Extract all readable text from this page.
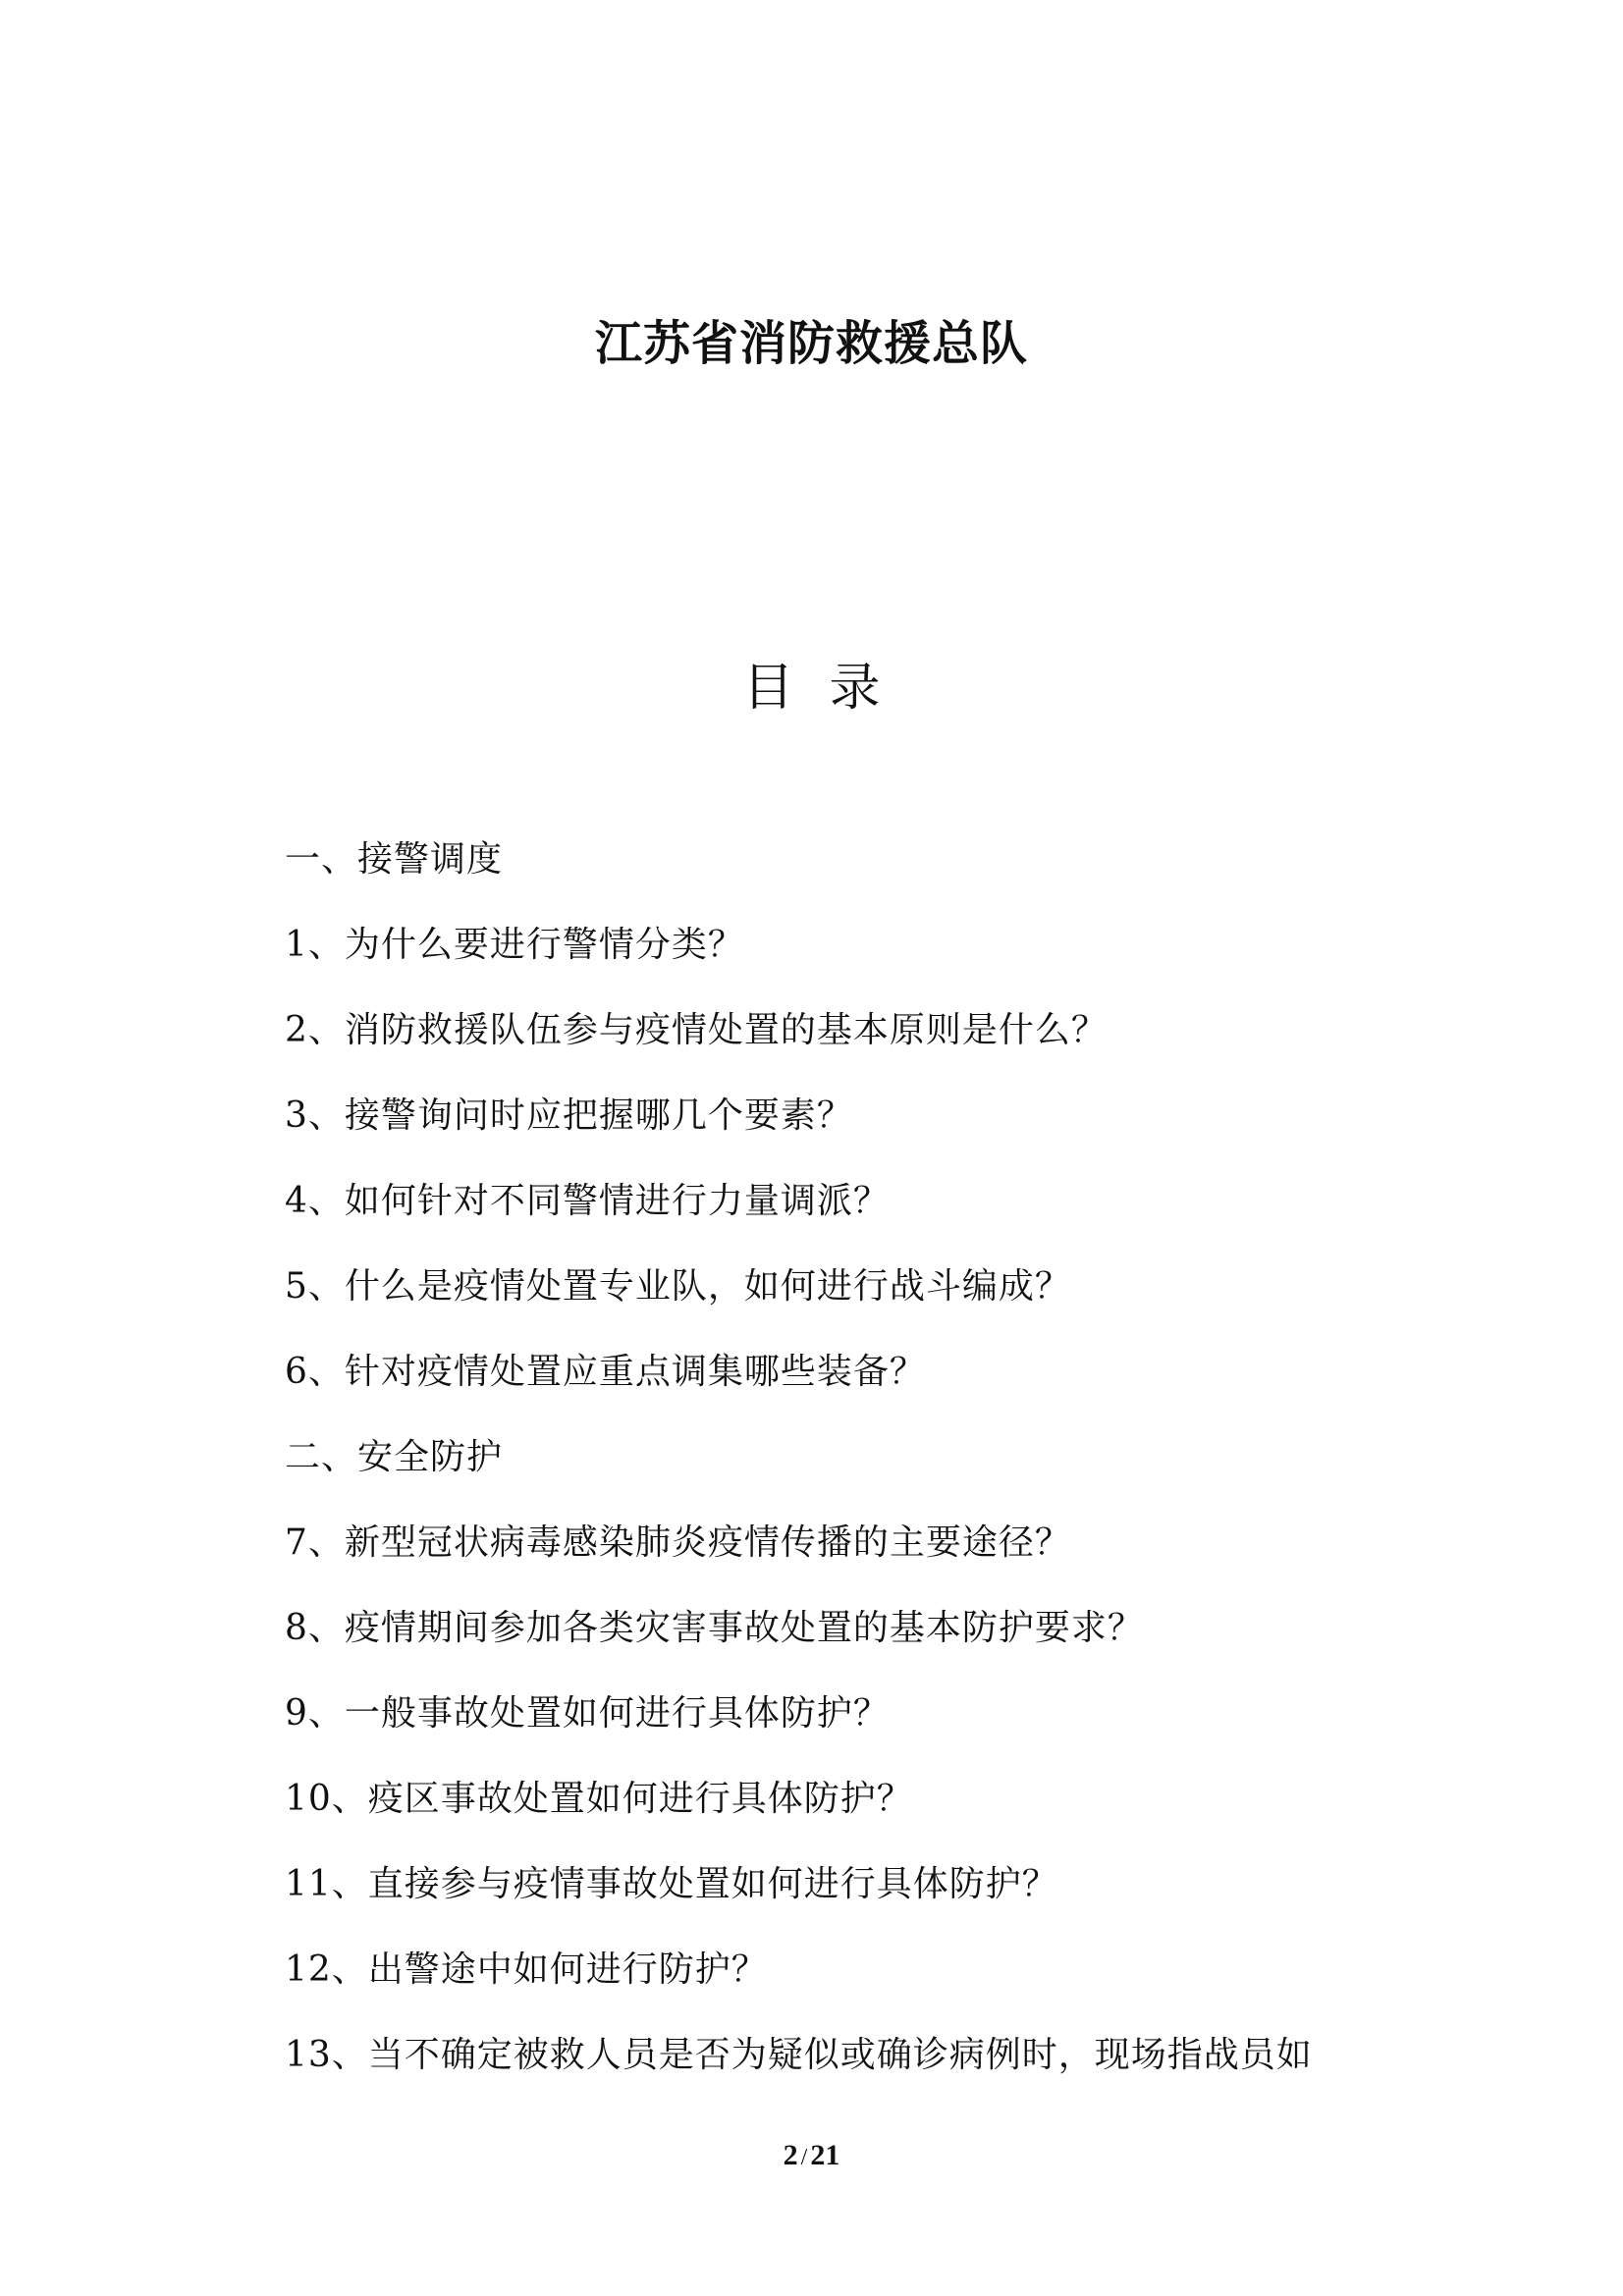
江苏省消防救援总队
目 录
一、接警调度
1、为什么要进行警情分类？
2、消防救援队伍参与疫情处置的基本原则是什么？
3、接警询问时应把握哪几个要素？
4、如何针对不同警情进行力量调派？
5、什么是疫情处置专业队，如何进行战斗编成？
6、针对疫情处置应重点调集哪些装备？
二、安全防护
7、新型冠状病毒感染肺炎疫情传播的主要途径？
8、疫情期间参加各类灾害事故处置的基本防护要求？
9、一般事故处置如何进行具体防护？
10、疫区事故处置如何进行具体防护？
11、直接参与疫情事故处置如何进行具体防护？
12、出警途中如何进行防护？
13、当不确定被救人员是否为疑似或确诊病例时，现场指战员如
2 / 21
